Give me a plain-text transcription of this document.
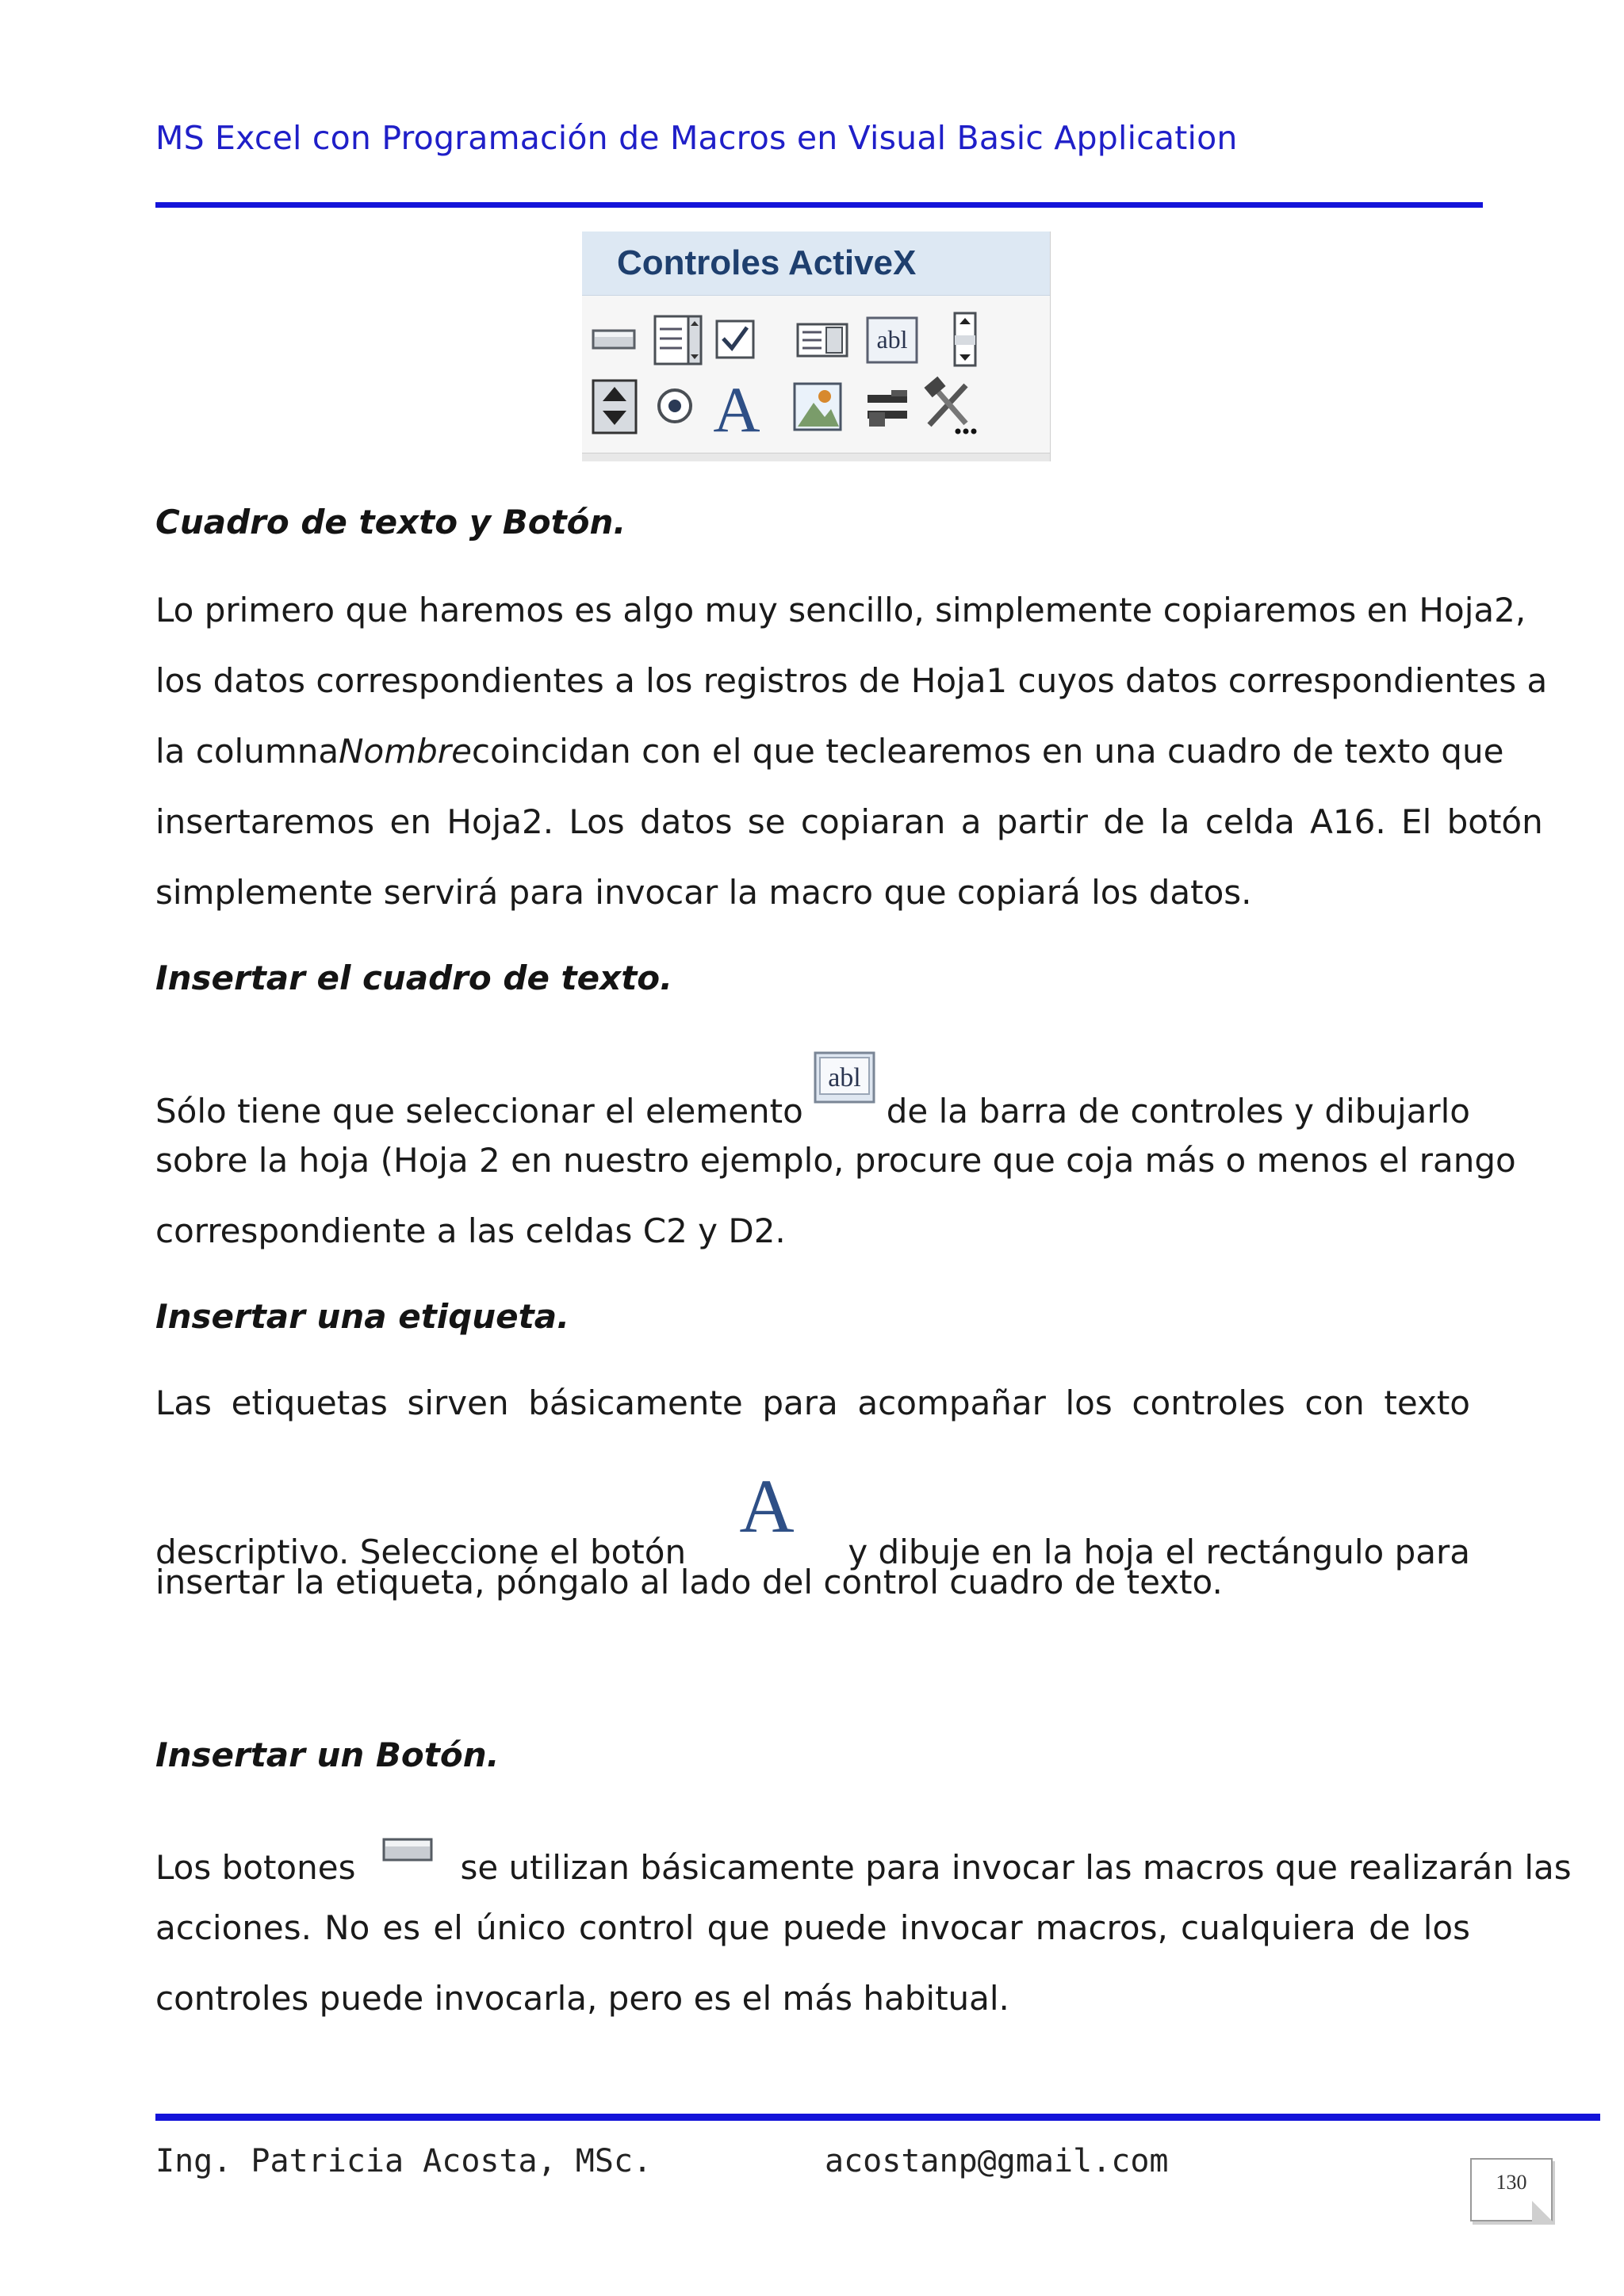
MS Excel con Programación de Macros en Visual Basic Application
Controles ActiveX
abl
A
Cuadro de texto y Botón.
Lo primero que haremos es algo muy sencillo, simplemente copiaremos en Hoja2,
los datos correspondientes a los registros de Hoja1 cuyos datos correspondientes a
la columna Nombre coincidan con el que teclearemos en una cuadro de texto que
insertaremos en Hoja2. Los datos se copiaran a partir de la celda A16. El botón
simplemente servirá para invocar la macro que copiará los datos.
Insertar el cuadro de texto.
Sólo tiene que seleccionar el elemento
abl
de la barra de controles y dibujarlo
sobre la hoja (Hoja 2 en nuestro ejemplo, procure que coja más o menos el rango
correspondiente a las celdas C2 y D2.
Insertar una etiqueta.
Las etiquetas sirven básicamente para acompañar los controles con texto
descriptivo. Seleccione el botón
A
y dibuje en la hoja el rectángulo para
insertar la etiqueta, póngalo al lado del control cuadro de texto.
Insertar un Botón.
Los botones	se utilizan básicamente para invocar las macros que realizarán las
acciones. No es el único control que puede invocar macros, cualquiera de los
controles puede invocarla, pero es el más habitual.
Ing. Patricia Acosta, MSc.	acostanp@gmail.com
130
